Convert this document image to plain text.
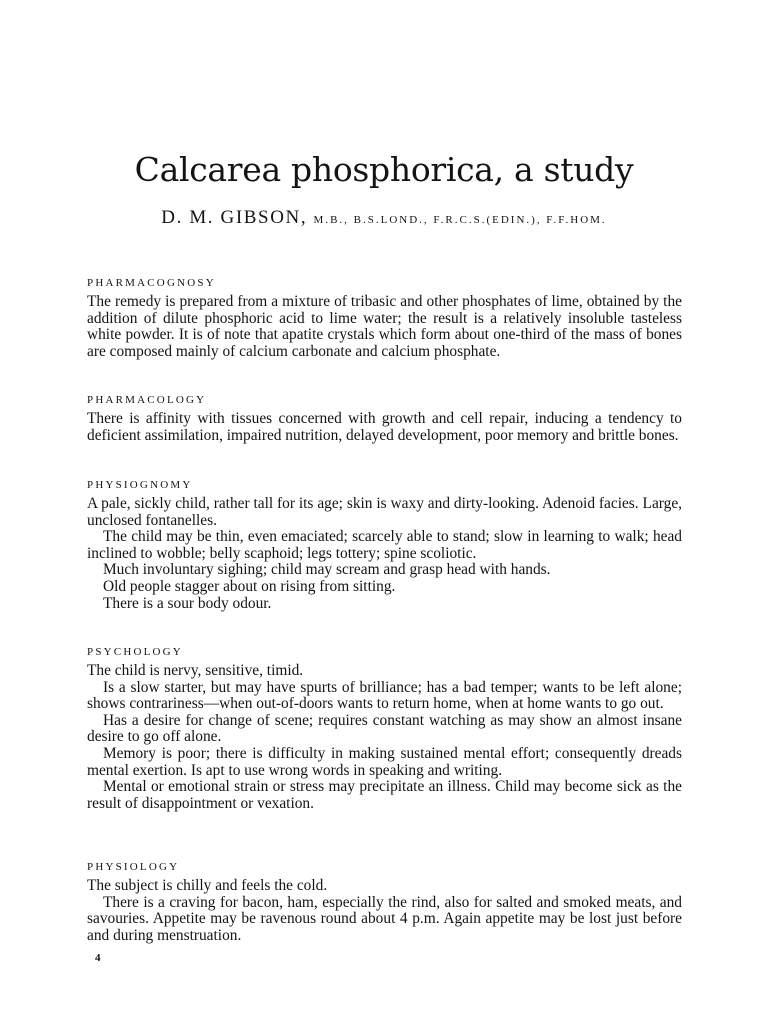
Calcarea phosphorica, a study

D. M. GIBSON, M.B., B.S.LOND., F.R.C.S.(EDIN.), F.F.HOM.

PHARMACOGNOSY

The remedy is prepared from a mixture of tribasic and other phosphates of lime, obtained by the addition of dilute phosphoric acid to lime water; the result is a relatively insoluble tasteless white powder. It is of note that apatite crystals which form about one-third of the mass of bones are composed mainly of calcium carbonate and calcium phosphate.

PHARMACOLOGY

There is affinity with tissues concerned with growth and cell repair, inducing a tendency to deficient assimilation, impaired nutrition, delayed development, poor memory and brittle bones.

PHYSIOGNOMY

A pale, sickly child, rather tall for its age; skin is waxy and dirty-looking. Adenoid facies. Large, unclosed fontanelles.

The child may be thin, even emaciated; scarcely able to stand; slow in learning to walk; head inclined to wobble; belly scaphoid; legs tottery; spine scoliotic.

Much involuntary sighing; child may scream and grasp head with hands.

Old people stagger about on rising from sitting.

There is a sour body odour.

PSYCHOLOGY

The child is nervy, sensitive, timid.

Is a slow starter, but may have spurts of brilliance; has a bad temper; wants to be left alone; shows contrariness—when out-of-doors wants to return home, when at home wants to go out.

Has a desire for change of scene; requires constant watching as may show an almost insane desire to go off alone.

Memory is poor; there is difficulty in making sustained mental effort; consequently dreads mental exertion. Is apt to use wrong words in speaking and writing.

Mental or emotional strain or stress may precipitate an illness. Child may become sick as the result of disappointment or vexation.

PHYSIOLOGY

The subject is chilly and feels the cold.

There is a craving for bacon, ham, especially the rind, also for salted and smoked meats, and savouries. Appetite may be ravenous round about 4 p.m. Again appetite may be lost just before and during menstruation.

4
